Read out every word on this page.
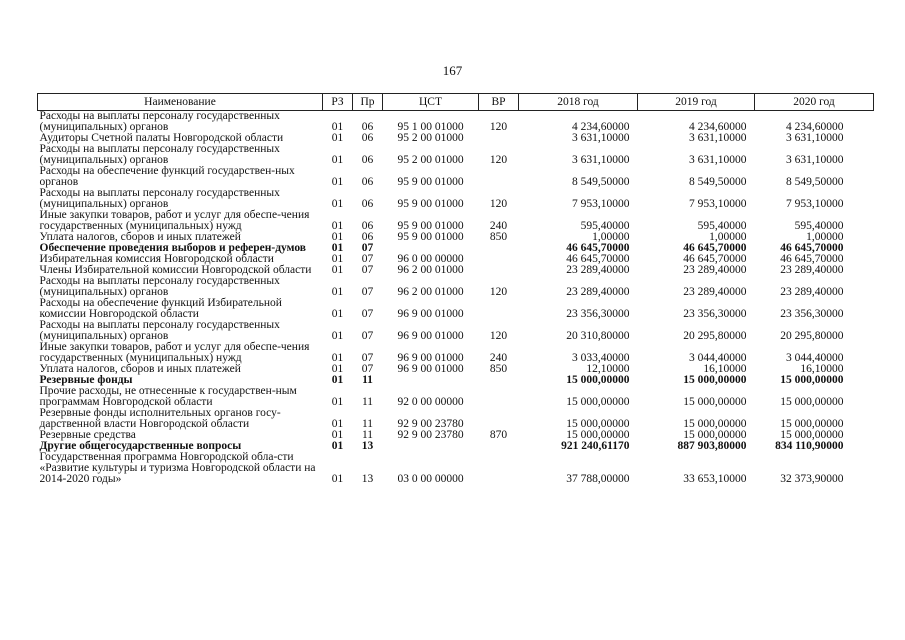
167
Наименование	РЗ	Пр	ЦСТ	ВР	2018 год	2019 год	2020 год
Расходы на выплаты персоналу государственных (муниципальных) органов	01	06	95 1 00 01000	120	4 234,60000	4 234,60000	4 234,60000
Аудиторы Счетной палаты Новгородской области	01	06	95 2 00 01000		3 631,10000	3 631,10000	3 631,10000
Расходы на выплаты персоналу государственных (муниципальных) органов	01	06	95 2 00 01000	120	3 631,10000	3 631,10000	3 631,10000
Расходы на обеспечение функций государствен-ных органов	01	06	95 9 00 01000		8 549,50000	8 549,50000	8 549,50000
Расходы на выплаты персоналу государственных (муниципальных) органов	01	06	95 9 00 01000	120	7 953,10000	7 953,10000	7 953,10000
Иные закупки товаров, работ и услуг для обеспе-чения государственных (муниципальных) нужд	01	06	95 9 00 01000	240	595,40000	595,40000	595,40000
Уплата налогов, сборов и иных платежей	01	06	95 9 00 01000	850	1,00000	1,00000	1,00000
Обеспечение проведения выборов и референ-думов	01	07			46 645,70000	46 645,70000	46 645,70000
Избирательная комиссия Новгородской области	01	07	96 0 00 00000		46 645,70000	46 645,70000	46 645,70000
Члены Избирательной комиссии Новгородской области	01	07	96 2 00 01000		23 289,40000	23 289,40000	23 289,40000
Расходы на выплаты персоналу государственных (муниципальных) органов	01	07	96 2 00 01000	120	23 289,40000	23 289,40000	23 289,40000
Расходы на обеспечение функций Избирательной комиссии Новгородской области	01	07	96 9 00 01000		23 356,30000	23 356,30000	23 356,30000
Расходы на выплаты персоналу государственных (муниципальных) органов	01	07	96 9 00 01000	120	20 310,80000	20 295,80000	20 295,80000
Иные закупки товаров, работ и услуг для обеспе-чения государственных (муниципальных) нужд	01	07	96 9 00 01000	240	3 033,40000	3 044,40000	3 044,40000
Уплата налогов, сборов и иных платежей	01	07	96 9 00 01000	850	12,10000	16,10000	16,10000
Резервные фонды	01	11			15 000,00000	15 000,00000	15 000,00000
Прочие расходы, не отнесенные к государствен-ным программам Новгородской области	01	11	92 0 00 00000		15 000,00000	15 000,00000	15 000,00000
Резервные фонды исполнительных органов госу-дарственной власти Новгородской области	01	11	92 9 00 23780		15 000,00000	15 000,00000	15 000,00000
Резервные средства	01	11	92 9 00 23780	870	15 000,00000	15 000,00000	15 000,00000
Другие общегосударственные вопросы	01	13			921 240,61170	887 903,80000	834 110,90000
Государственная программа Новгородской обла-сти «Развитие культуры и туризма Новгородской области на 2014-2020 годы»	01	13	03 0 00 00000		37 788,00000	33 653,10000	32 373,90000
